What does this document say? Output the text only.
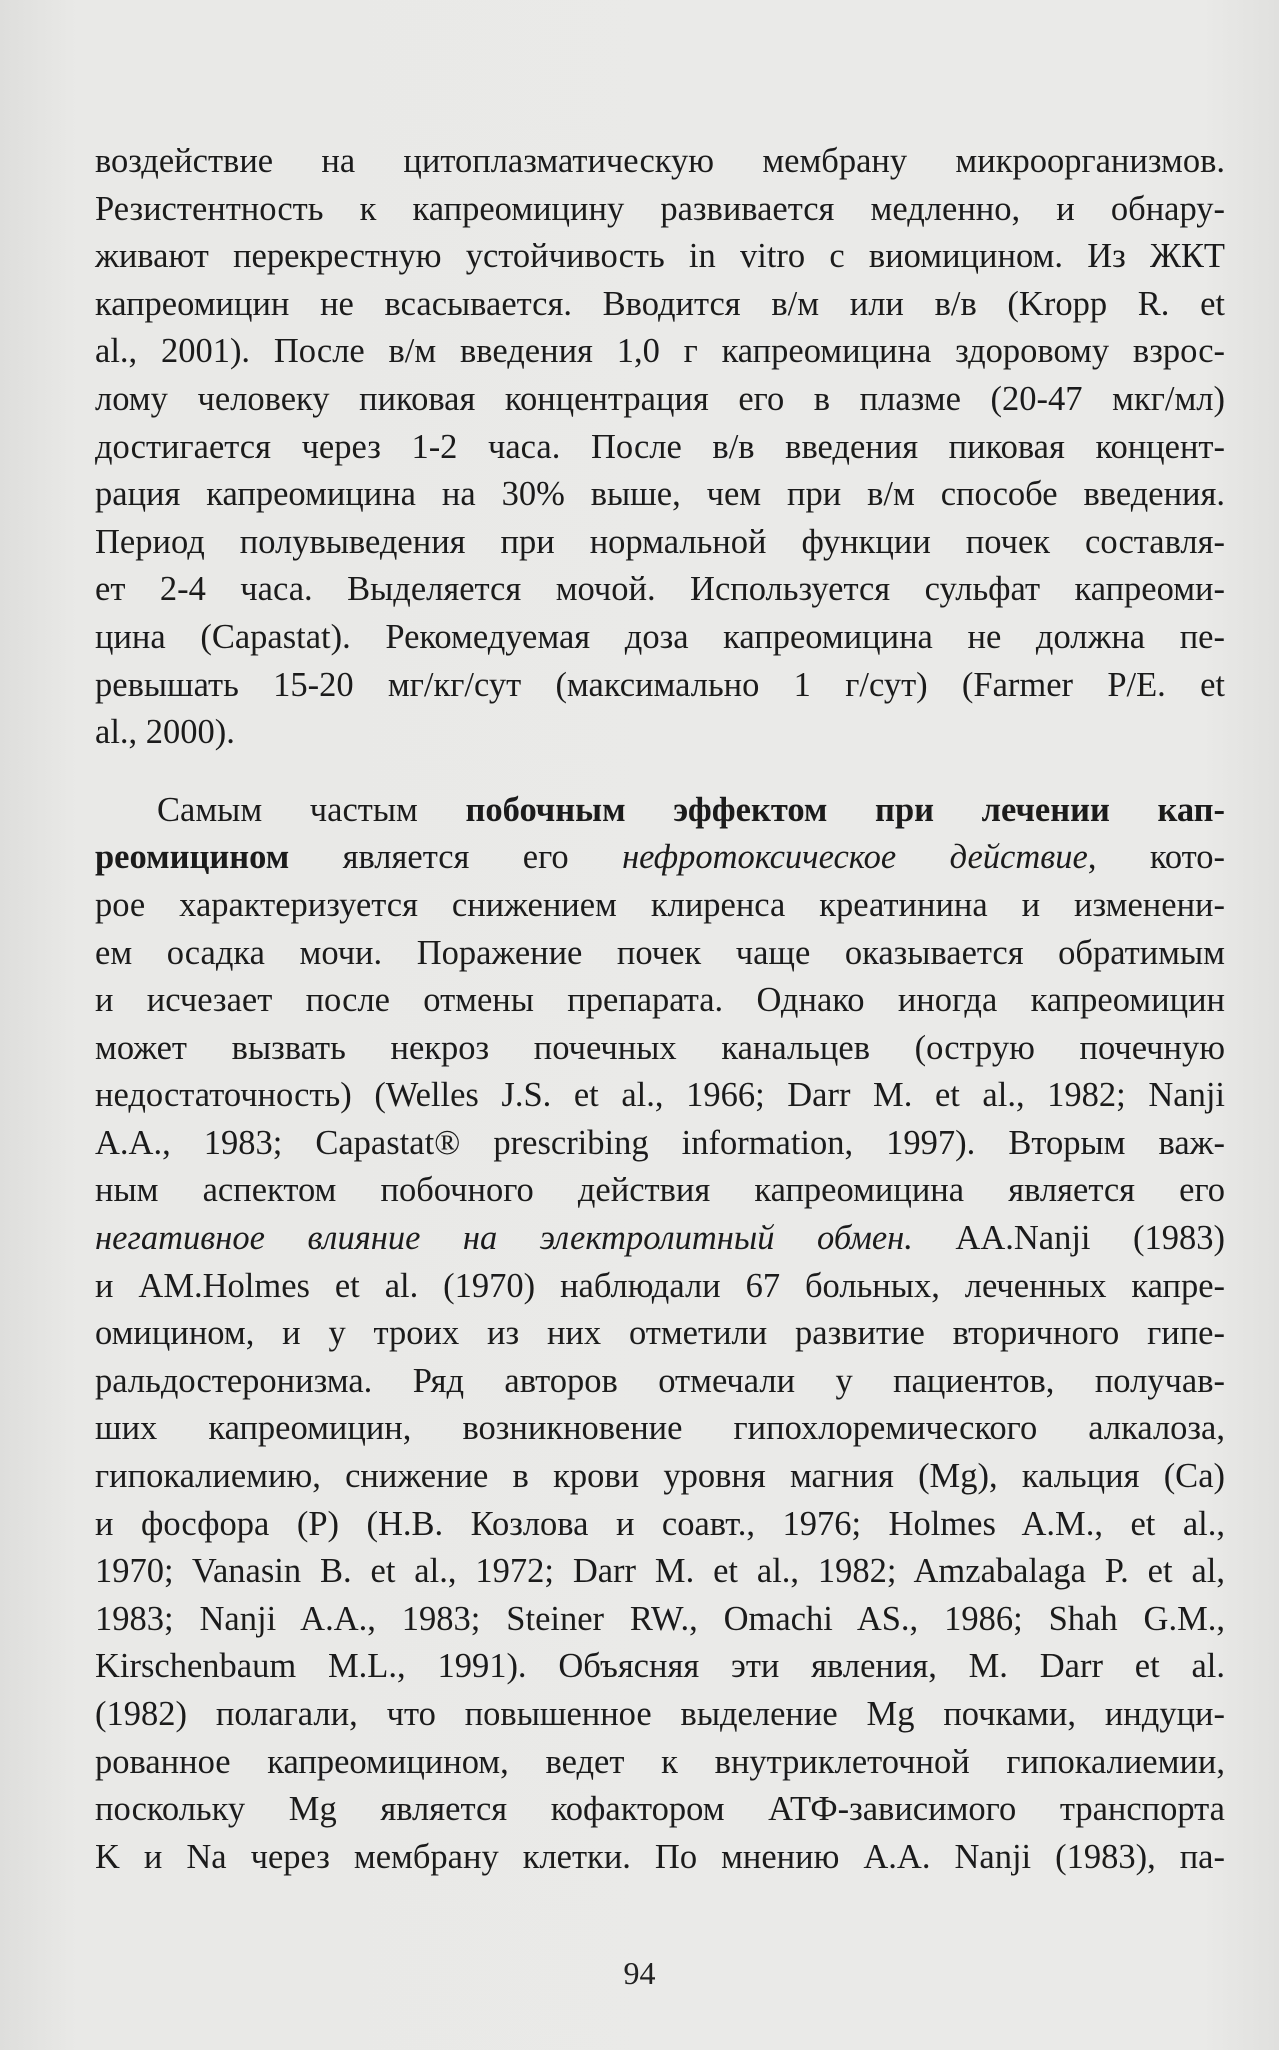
воздействие на цитоплазматическую мембрану микроорганизмов.
Резистентность к капреомицину развивается медленно, и обнару-
живают перекрестную устойчивость in vitro с виомицином. Из ЖКТ
капреомицин не всасывается. Вводится в/м или в/в (Kropp R. et
al., 2001). После в/м введения 1,0 г капреомицина здоровому взрос-
лому человеку пиковая концентрация его в плазме (20-47 мкг/мл)
достигается через 1-2 часа. После в/в введения пиковая концент-
рация капреомицина на 30% выше, чем при в/м способе введения.
Период полувыведения при нормальной функции почек составля-
ет 2-4 часа. Выделяется мочой. Используется сульфат капреоми-
цина (Capastat). Рекомедуемая доза капреомицина не должна пе-
ревышать 15-20 мг/кг/сут (максимально 1 г/сут) (Farmer P/E. et
al., 2000).
Самым частым побочным эффектом при лечении кап-
реомицином является его нефротоксическое действие, кото-
рое характеризуется снижением клиренса креатинина и изменени-
ем осадка мочи. Поражение почек чаще оказывается обратимым
и исчезает после отмены препарата. Однако иногда капреомицин
может вызвать некроз почечных канальцев (острую почечную
недостаточность) (Welles J.S. et al., 1966; Darr M. et al., 1982; Nanji
A.A., 1983; Capastat® prescribing information, 1997). Вторым важ-
ным аспектом побочного действия капреомицина является его
негативное влияние на электролитный обмен. AA.Nanji (1983)
и AM.Holmes et al. (1970) наблюдали 67 больных, леченных капре-
омицином, и у троих из них отметили развитие вторичного гипе-
ральдостеронизма. Ряд авторов отмечали у пациентов, получав-
ших капреомицин, возникновение гипохлоремического алкалоза,
гипокалиемию, снижение в крови уровня магния (Mg), кальция (Ca)
и фосфора (P) (Н.В. Козлова и соавт., 1976; Holmes A.M., et al.,
1970; Vanasin B. et al., 1972; Darr M. et al., 1982; Amzabalaga P. et al,
1983; Nanji A.A., 1983; Steiner RW., Omachi AS., 1986; Shah G.M.,
Kirschenbaum M.L., 1991). Объясняя эти явления, M. Darr et al.
(1982) полагали, что повышенное выделение Mg почками, индуци-
рованное капреомицином, ведет к внутриклеточной гипокалиемии,
поскольку Mg является кофактором АТФ-зависимого транспорта
K и Na через мембрану клетки. По мнению A.A. Nanji (1983), па-
94
